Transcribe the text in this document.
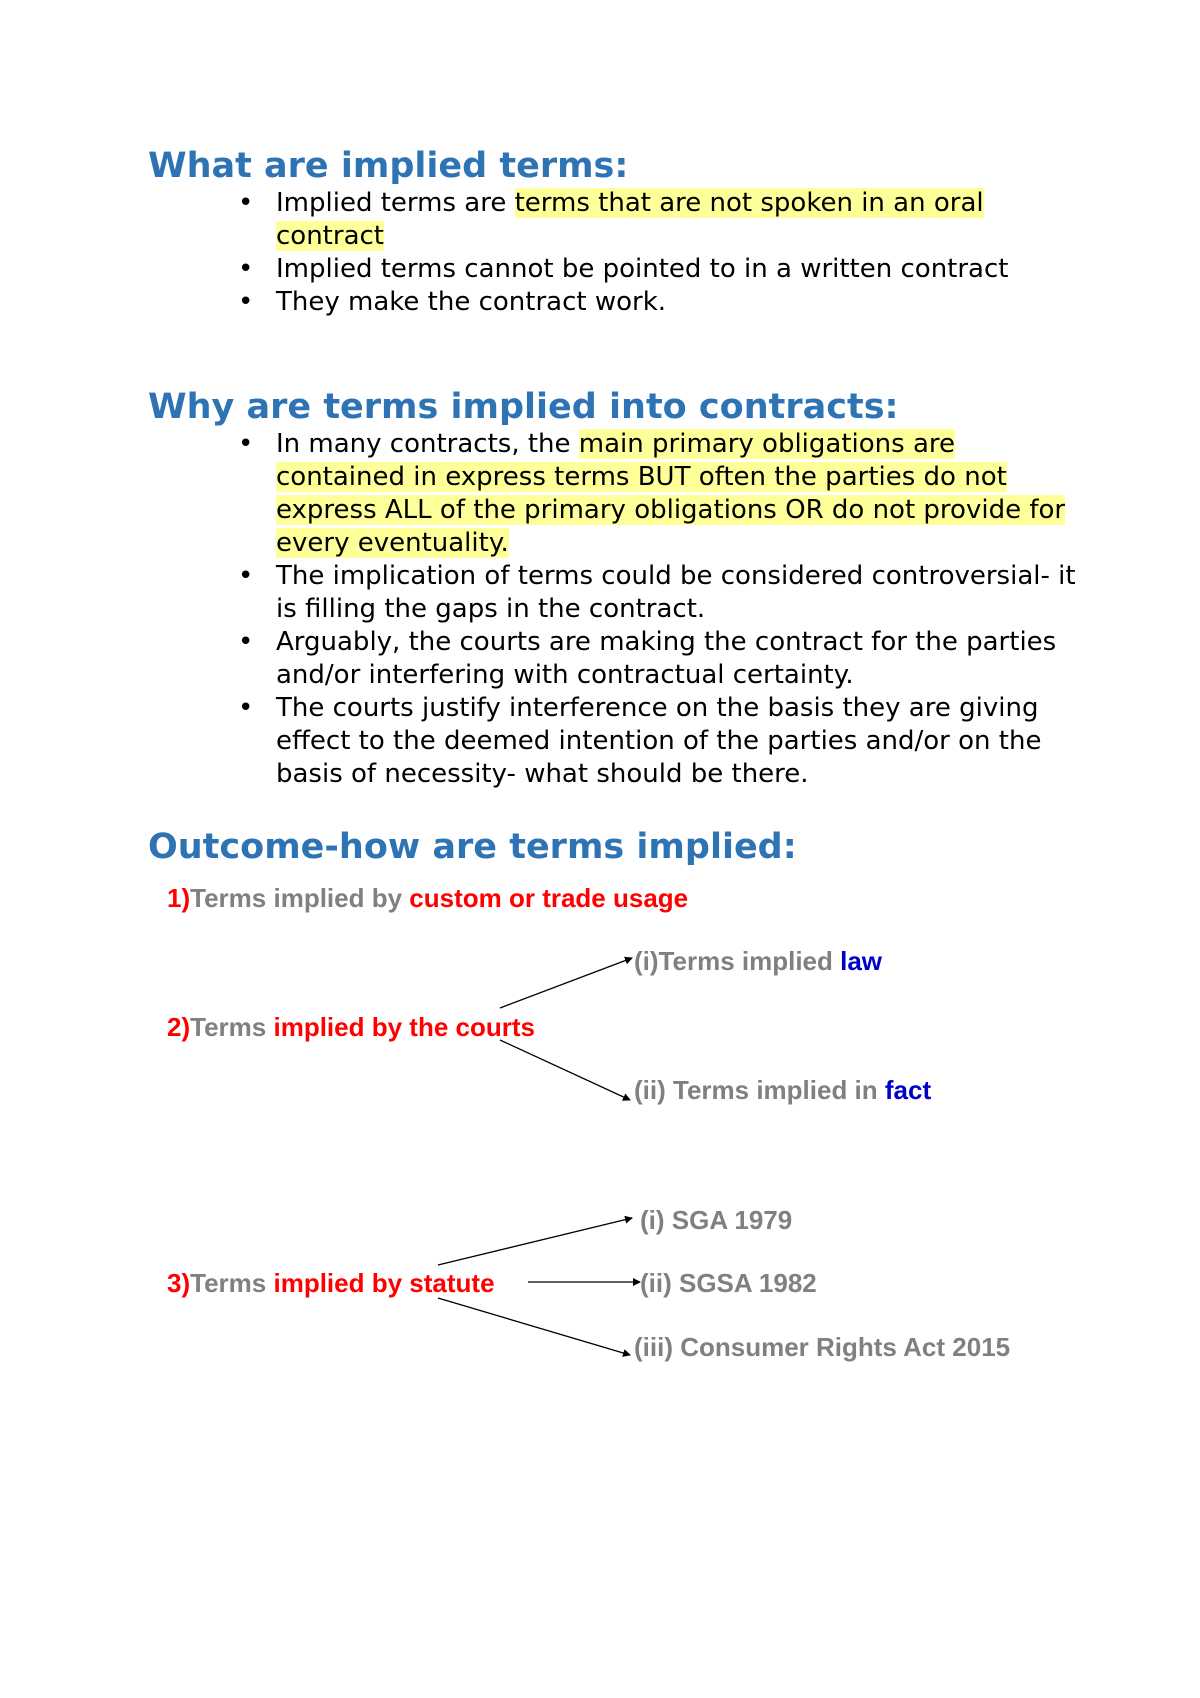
What are implied terms:
• Implied terms are terms that are not spoken in an oral contract
• Implied terms cannot be pointed to in a written contract
• They make the contract work.
Why are terms implied into contracts:
• In many contracts, the main primary obligations are contained in express terms BUT often the parties do not express ALL of the primary obligations OR do not provide for every eventuality.
• The implication of terms could be considered controversial- it is filling the gaps in the contract.
• Arguably, the courts are making the contract for the parties and/or interfering with contractual certainty.
• The courts justify interference on the basis they are giving effect to the deemed intention of the parties and/or on the basis of necessity- what should be there.
Outcome-how are terms implied:
1)Terms implied by custom or trade usage
2)Terms implied by the courts
(i)Terms implied law
(ii) Terms implied in fact
3)Terms implied by statute
(i) SGA 1979
(ii) SGSA 1982
(iii) Consumer Rights Act 2015
